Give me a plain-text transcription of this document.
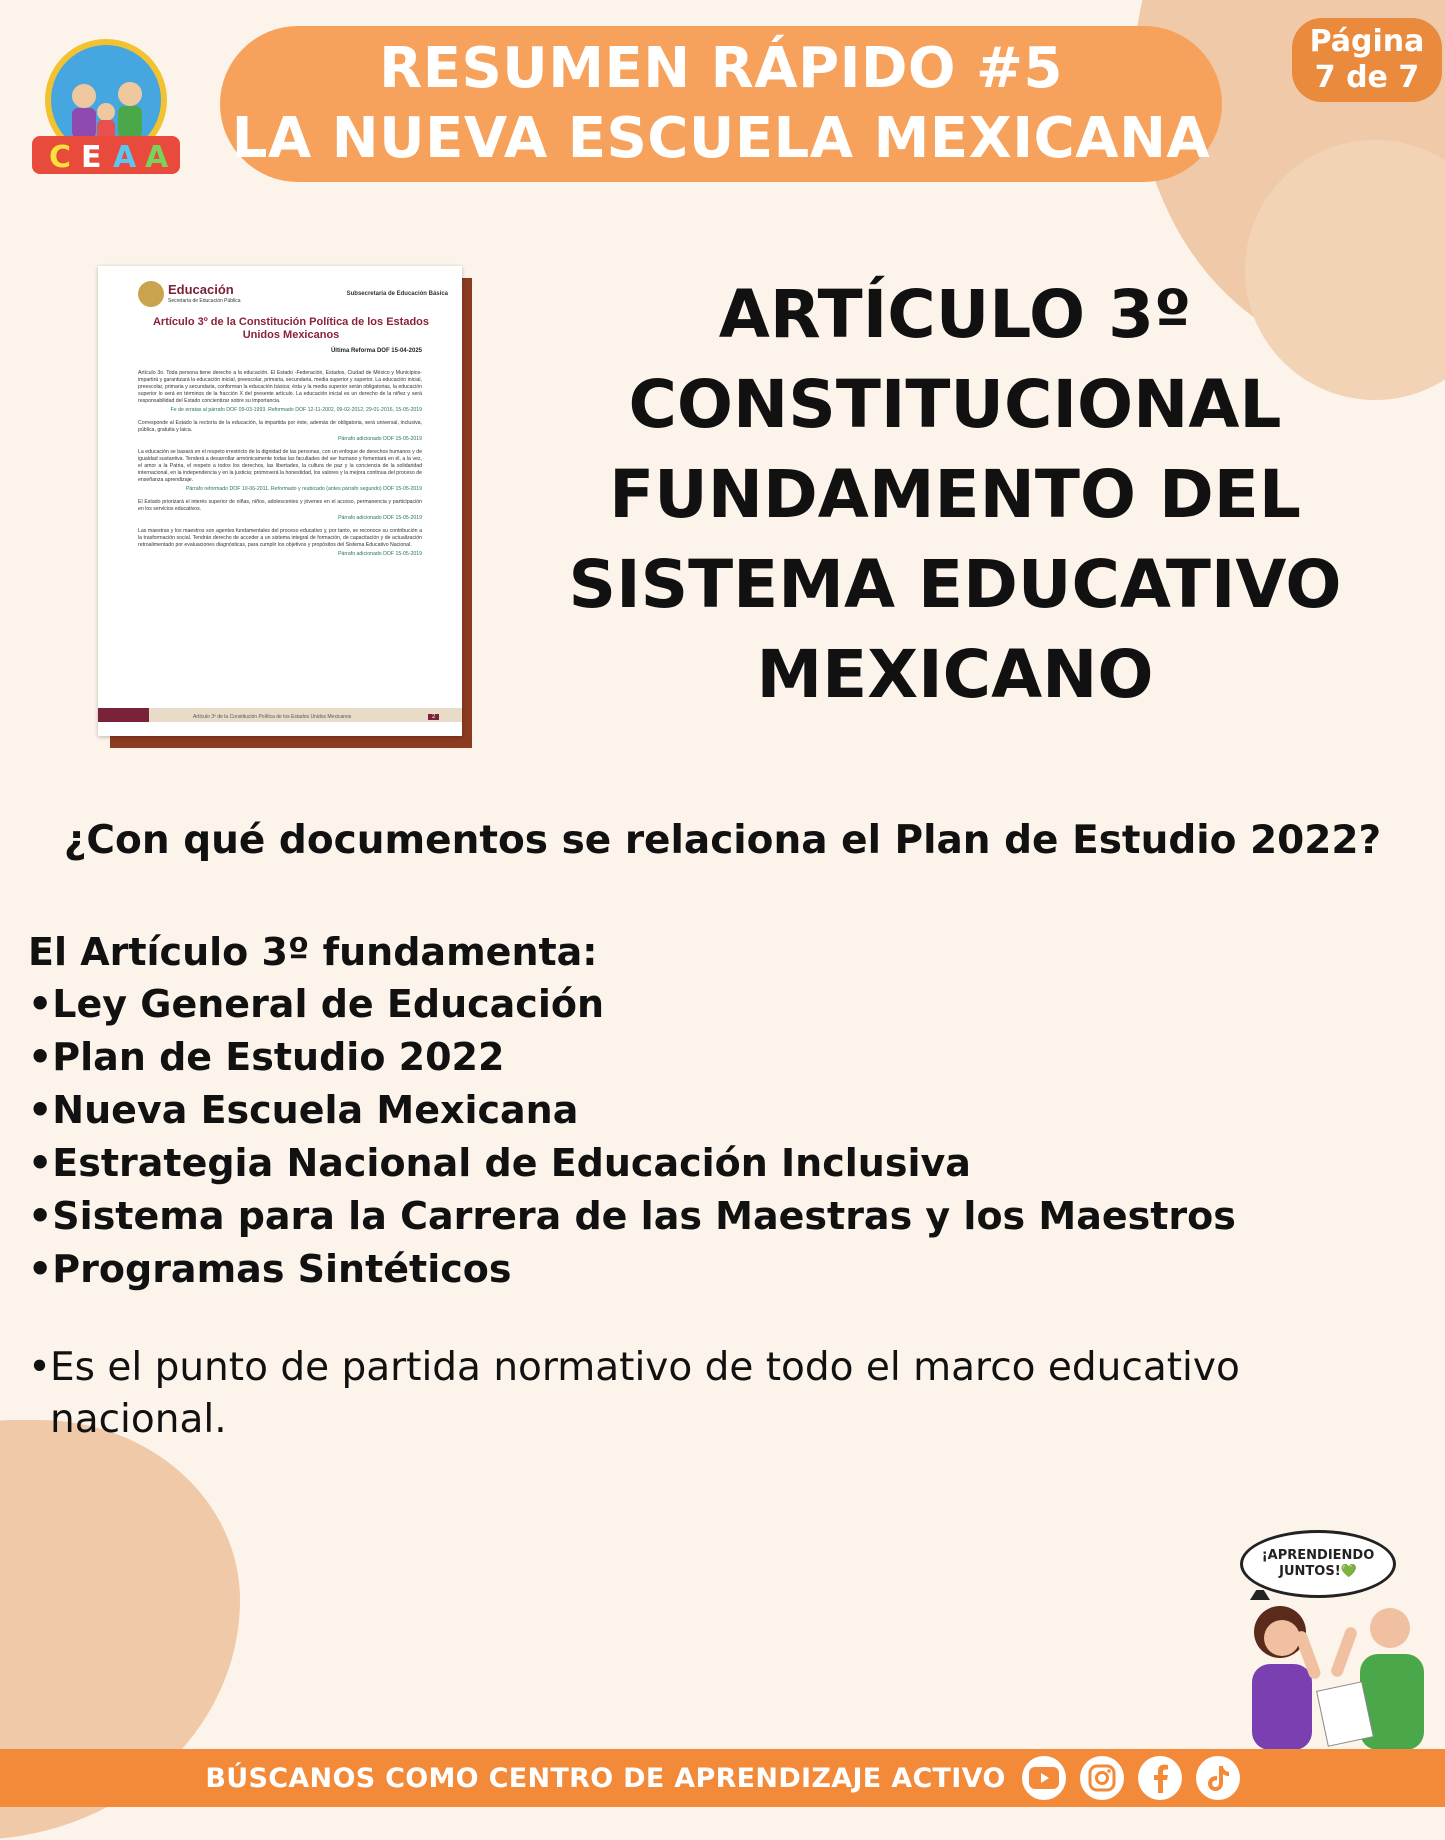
C E A A
RESUMEN RÁPIDO #5
LA NUEVA ESCUELA MEXICANA
Página
7 de 7
Educación
Secretaría de Educación Pública
Subsecretaría de Educación Básica
Artículo 3º de la Constitución Política de los Estados Unidos Mexicanos
Última Reforma DOF 15-04-2025

Artículo 3o. Toda persona tiene derecho a la educación. El Estado -Federación, Estados, Ciudad de México y Municipios- impartirá y garantizará la educación inicial, preescolar, primaria, secundaria, media superior y superior. La educación inicial, preescolar, primaria y secundaria, conforman la educación básica; ésta y la media superior serán obligatorias, la educación superior lo será en términos de la fracción X del presente artículo. La educación inicial es un derecho de la niñez y será responsabilidad del Estado concientizar sobre su importancia.

Fe de erratas al párrafo DOF 09-03-1993. Reformado DOF 12-11-2002, 09-02-2012, 29-01-2016, 15-05-2019

Corresponde al Estado la rectoría de la educación, la impartida por éste, además de obligatoria, será universal, inclusiva, pública, gratuita y laica.

Párrafo adicionado DOF 15-05-2019

La educación se basará en el respeto irrestricto de la dignidad de las personas, con un enfoque de derechos humanos y de igualdad sustantiva. Tenderá a desarrollar armónicamente todas las facultades del ser humano y fomentará en él, a la vez, el amor a la Patria, el respeto a todos los derechos, las libertades, la cultura de paz y la conciencia de la solidaridad internacional, en la independencia y en la justicia; promoverá la honestidad, los valores y la mejora continua del proceso de enseñanza aprendizaje.

Párrafo reformado DOF 10-06-2011. Reformado y reubicado (antes párrafo segundo) DOF 15-05-2019

El Estado priorizará el interés superior de niñas, niños, adolescentes y jóvenes en el acceso, permanencia y participación en los servicios educativos.

Párrafo adicionado DOF 15-05-2019

Las maestras y los maestros son agentes fundamentales del proceso educativo y, por tanto, se reconoce su contribución a la trasformación social. Tendrán derecho de acceder a un sistema integral de formación, de capacitación y de actualización retroalimentado por evaluaciones diagnósticas, para cumplir los objetivos y propósitos del Sistema Educativo Nacional.

Párrafo adicionado DOF 15-05-2019

Artículo 3º de la Constitución Política de los Estados Unidos Mexicanos	2
ARTÍCULO 3º
CONSTITUCIONAL
FUNDAMENTO DEL
SISTEMA EDUCATIVO
MEXICANO
¿Con qué documentos se relaciona el Plan de Estudio 2022?

El Artículo 3º fundamenta:

•Ley General de Educación
•Plan de Estudio 2022
•Nueva Escuela Mexicana
•Estrategia Nacional de Educación Inclusiva
•Sistema para la Carrera de las Maestras y los Maestros
•Programas Sintéticos
•
Es el punto de partida normativo de todo el marco educativo nacional.
¡APRENDIENDO
JUNTOS!💚
BÚSCANOS COMO CENTRO DE APRENDIZAJE ACTIVO
